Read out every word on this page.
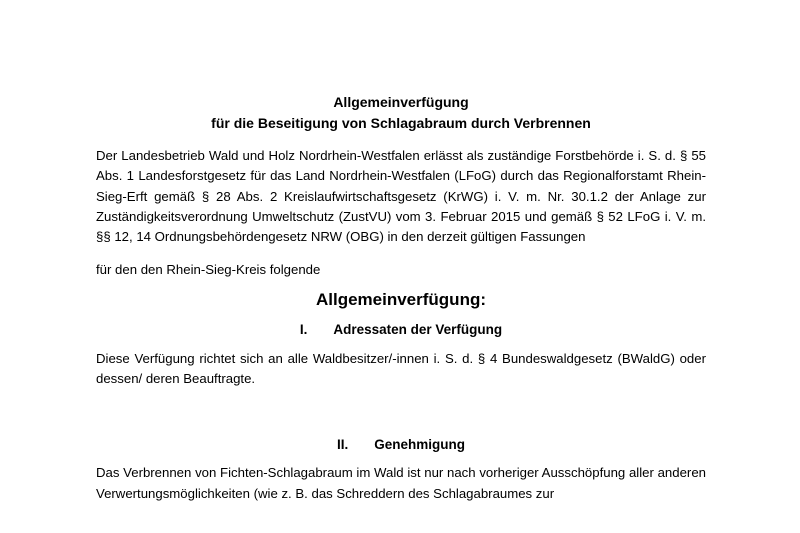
Allgemeinverfügung
für die Beseitigung von Schlagabraum durch Verbrennen

Der Landesbetrieb Wald und Holz Nordrhein-Westfalen erlässt als zuständige Forstbehörde i. S. d. § 55 Abs. 1 Landesforstgesetz für das Land Nordrhein-Westfalen (LFoG) durch das Regionalforstamt Rhein-Sieg-Erft gemäß § 28 Abs. 2 Kreislaufwirtschaftsgesetz (KrWG) i. V. m. Nr. 30.1.2 der Anlage zur Zuständigkeitsverordnung Umweltschutz (ZustVU) vom 3. Februar 2015 und gemäß § 52 LFoG i. V. m. §§ 12, 14 Ordnungsbehördengesetz NRW (OBG) in den derzeit gültigen Fassungen

für den den Rhein-Sieg-Kreis folgende

Allgemeinverfügung:
I. Adressaten der Verfügung

Diese Verfügung richtet sich an alle Waldbesitzer/-innen i. S. d. § 4 Bundeswaldgesetz (BWaldG) oder dessen/ deren Beauftragte.

II. Genehmigung

Das Verbrennen von Fichten-Schlagabraum im Wald ist nur nach vorheriger Ausschöpfung aller anderen Verwertungsmöglichkeiten (wie z. B. das Schreddern des Schlagabraumes zur
